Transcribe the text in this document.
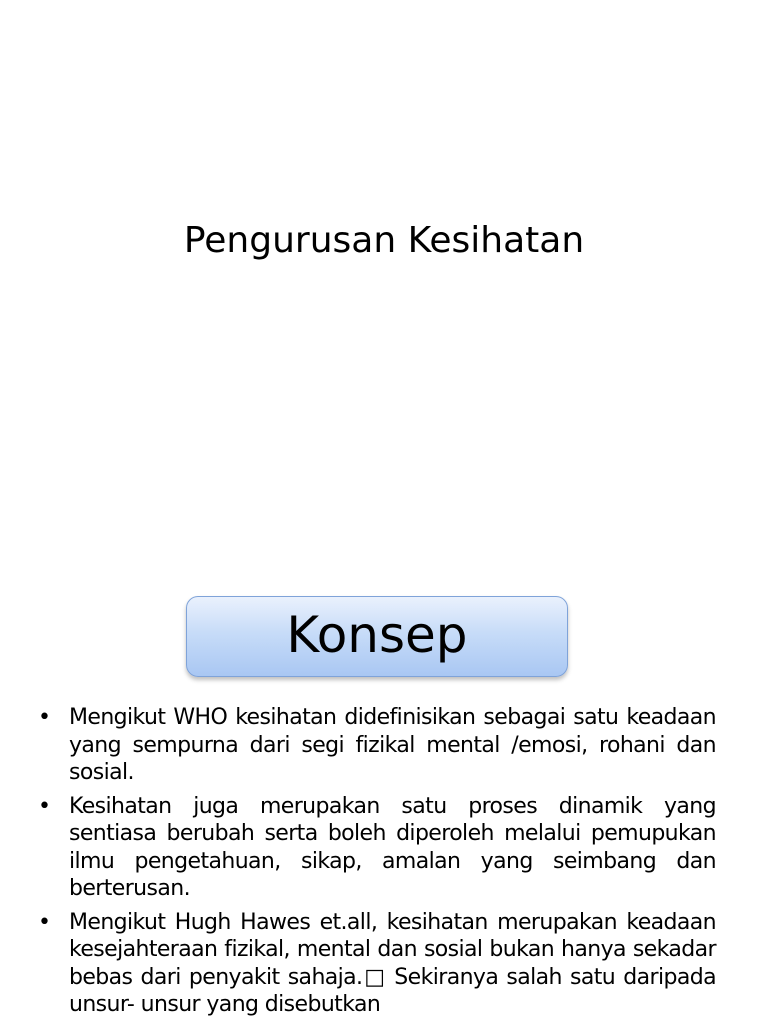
Pengurusan Kesihatan
Konsep
• Mengikut WHO kesihatan didefinisikan sebagai satu keadaan yang sempurna dari segi fizikal mental /emosi, rohani dan sosial.
• Kesihatan juga merupakan satu proses dinamik yang sentiasa berubah serta boleh diperoleh melalui pemupukan ilmu pengetahuan, sikap, amalan yang seimbang dan berterusan.
• Mengikut Hugh Hawes et.all, kesihatan merupakan keadaan kesejahteraan fizikal, mental dan sosial bukan hanya sekadar bebas dari penyakit sahaja.□ Sekiranya salah satu daripada unsur- unsur yang disebutkan
